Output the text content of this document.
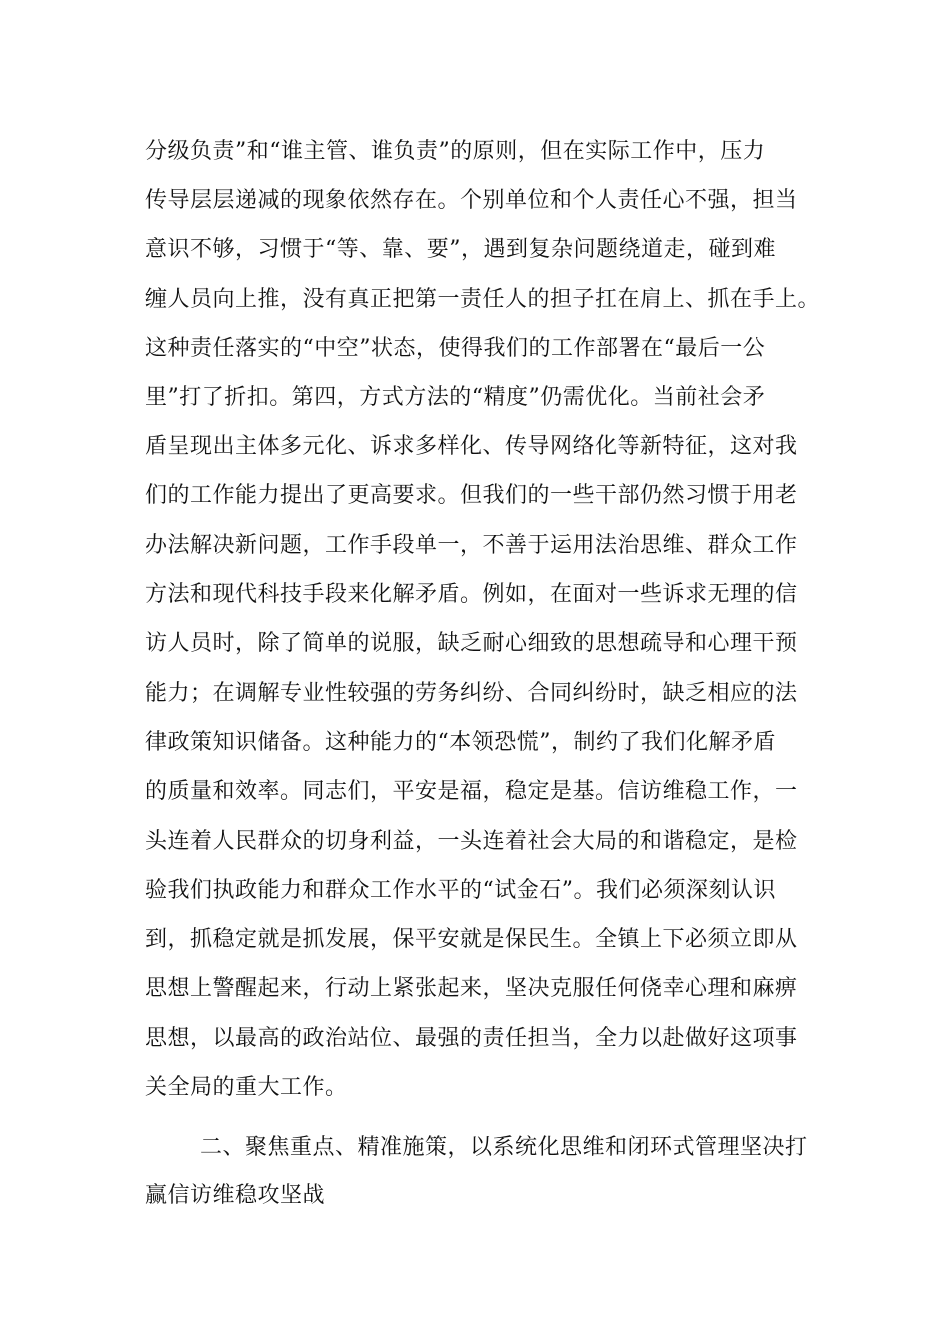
分级负责”和“谁主管、谁负责”的原则，但在实际工作中，压力
传导层层递减的现象依然存在。个别单位和个人责任心不强，担当
意识不够，习惯于“等、靠、要”，遇到复杂问题绕道走，碰到难
缠人员向上推，没有真正把第一责任人的担子扛在肩上、抓在手上。
这种责任落实的“中空”状态，使得我们的工作部署在“最后一公
里”打了折扣。第四，方式方法的“精度”仍需优化。当前社会矛
盾呈现出主体多元化、诉求多样化、传导网络化等新特征，这对我
们的工作能力提出了更高要求。但我们的一些干部仍然习惯于用老
办法解决新问题，工作手段单一，不善于运用法治思维、群众工作
方法和现代科技手段来化解矛盾。例如，在面对一些诉求无理的信
访人员时，除了简单的说服，缺乏耐心细致的思想疏导和心理干预
能力；在调解专业性较强的劳务纠纷、合同纠纷时，缺乏相应的法
律政策知识储备。这种能力的“本领恐慌”，制约了我们化解矛盾
的质量和效率。同志们，平安是福，稳定是基。信访维稳工作，一
头连着人民群众的切身利益，一头连着社会大局的和谐稳定，是检
验我们执政能力和群众工作水平的“试金石”。我们必须深刻认识
到，抓稳定就是抓发展，保平安就是保民生。全镇上下必须立即从
思想上警醒起来，行动上紧张起来，坚决克服任何侥幸心理和麻痹
思想，以最高的政治站位、最强的责任担当，全力以赴做好这项事
关全局的重大工作。
二、聚焦重点、精准施策，以系统化思维和闭环式管理坚决打
赢信访维稳攻坚战
